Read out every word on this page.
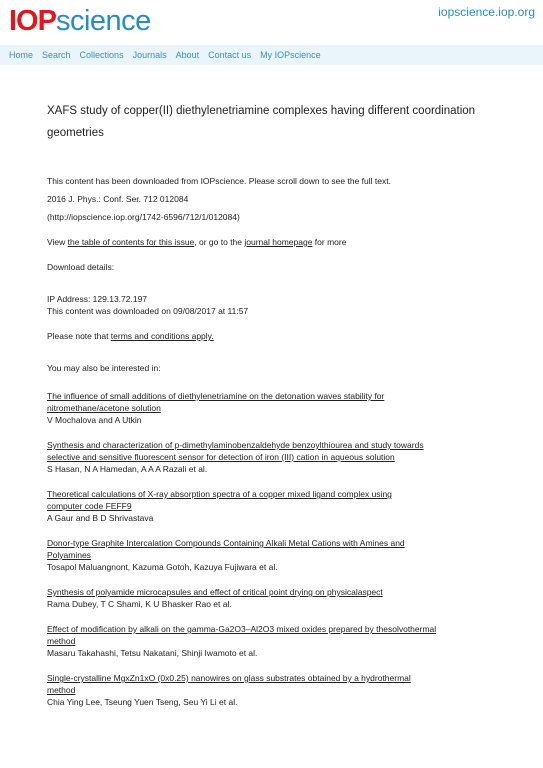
IOP science	iopscience.iop.org
Home Search Collections Journals About Contact us My IOPscience
XAFS study of copper(II) diethylenetriamine complexes having different coordination geometries
This content has been downloaded from IOPscience. Please scroll down to see the full text.
2016 J. Phys.: Conf. Ser. 712 012084
(http://iopscience.iop.org/1742-6596/712/1/012084)
View the table of contents for this issue, or go to the journal homepage for more
Download details:
IP Address: 129.13.72.197
This content was downloaded on 09/08/2017 at 11:57
Please note that terms and conditions apply.
You may also be interested in:
The influence of small additions of diethylenetriamine on the detonation waves stability for
nitromethane/acetone solution
V Mochalova and A Utkin
Synthesis and characterization of p-dimethylaminobenzaldehyde benzoylthiourea and study towards
selective and sensitive fluorescent sensor for detection of iron (III) cation in aqueous solution
S Hasan, N A Hamedan, A A A Razali et al.
Theoretical calculations of X-ray absorption spectra of a copper mixed ligand complex using
computer code FEFF9
A Gaur and B D Shrivastava
Donor-type Graphite Intercalation Compounds Containing Alkali Metal Cations with Amines and
Polyamines
Tosapol Maluangnont, Kazuma Gotoh, Kazuya Fujiwara et al.
Synthesis of polyamide microcapsules and effect of critical point drying on physicalaspect
Rama Dubey, T C Shami, K U Bhasker Rao et al.
Effect of modification by alkali on the gamma-Ga2O3–Al2O3 mixed oxides prepared by thesolvothermal
method
Masaru Takahashi, Tetsu Nakatani, Shinji Iwamoto et al.
Single-crystalline MgxZn1xO (0x0.25) nanowires on glass substrates obtained by a hydrothermal
method
Chia Ying Lee, Tseung Yuen Tseng, Seu Yi Li et al.
